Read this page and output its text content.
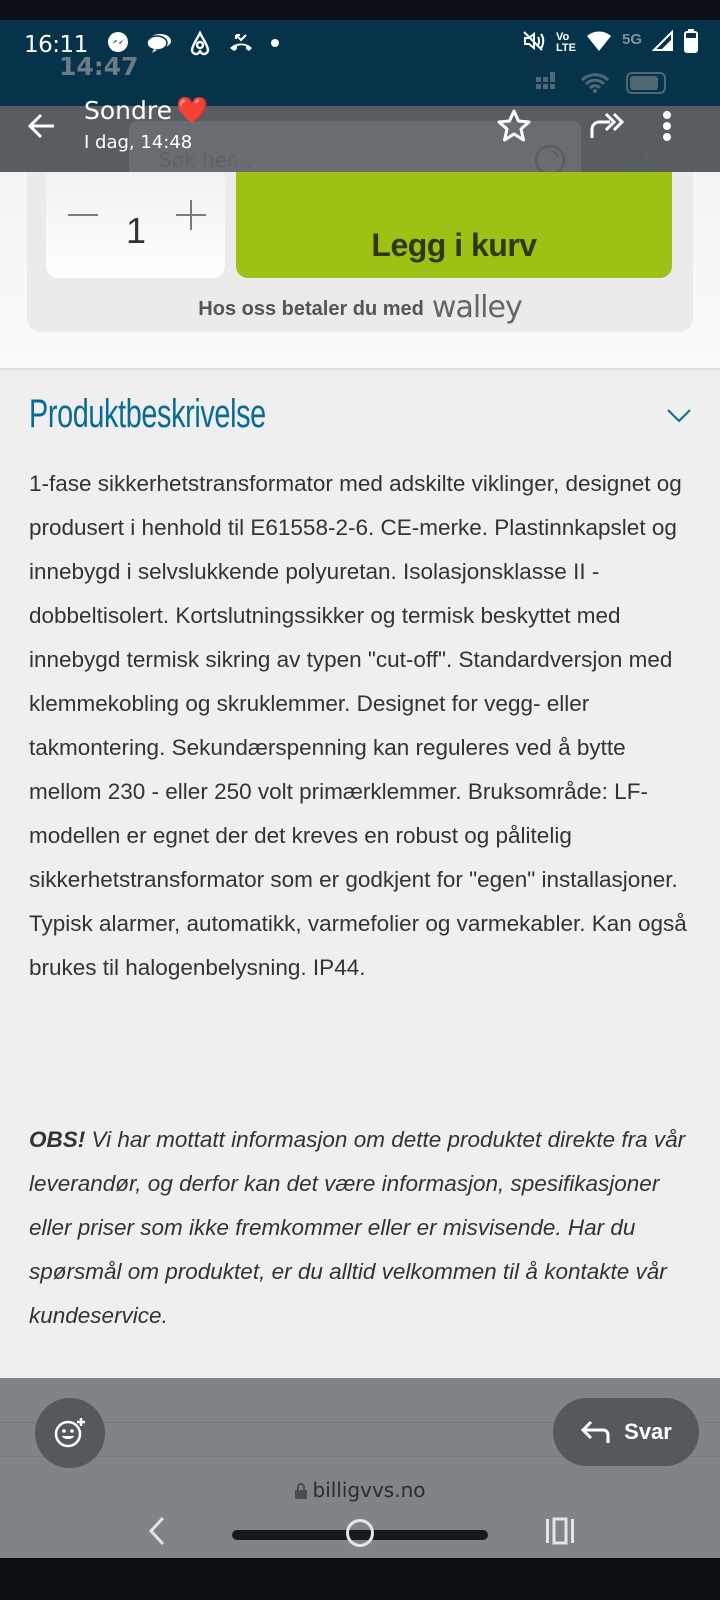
16:11
14:47
Vo
LTE
5G
Sondre ❤️
I dag, 14:48
1	Legg i kurv
Hos oss betaler du med walley
Produktbeskrivelse

1-fase sikkerhetstransformator med adskilte viklinger, designet og produsert i henhold til E61558-2-6. CE-merke. Plastinnkapslet og innebygd i selvslukkende polyuretan. Isolasjonsklasse II - dobbeltisolert. Kortslutningssikker og termisk beskyttet med innebygd termisk sikring av typen "cut-off". Standardversjon med klemmekobling og skruklemmer. Designet for vegg- eller takmontering. Sekundærspenning kan reguleres ved å bytte mellom 230 - eller 250 volt primærklemmer. Bruksområde: LF-modellen er egnet der det kreves en robust og pålitelig sikkerhetstransformator som er godkjent for "egen" installasjoner. Typisk alarmer, automatikk, varmefolier og varmekabler. Kan også brukes til halogenbelysning. IP44.

OBS! Vi har mottatt informasjon om dette produktet direkte fra vår leverandør, og derfor kan det være informasjon, spesifikasjoner eller priser som ikke fremkommer eller er misvisende. Har du spørsmål om produktet, er du alltid velkommen til å kontakte vår kundeservice.

Svar
billigvvs.no
